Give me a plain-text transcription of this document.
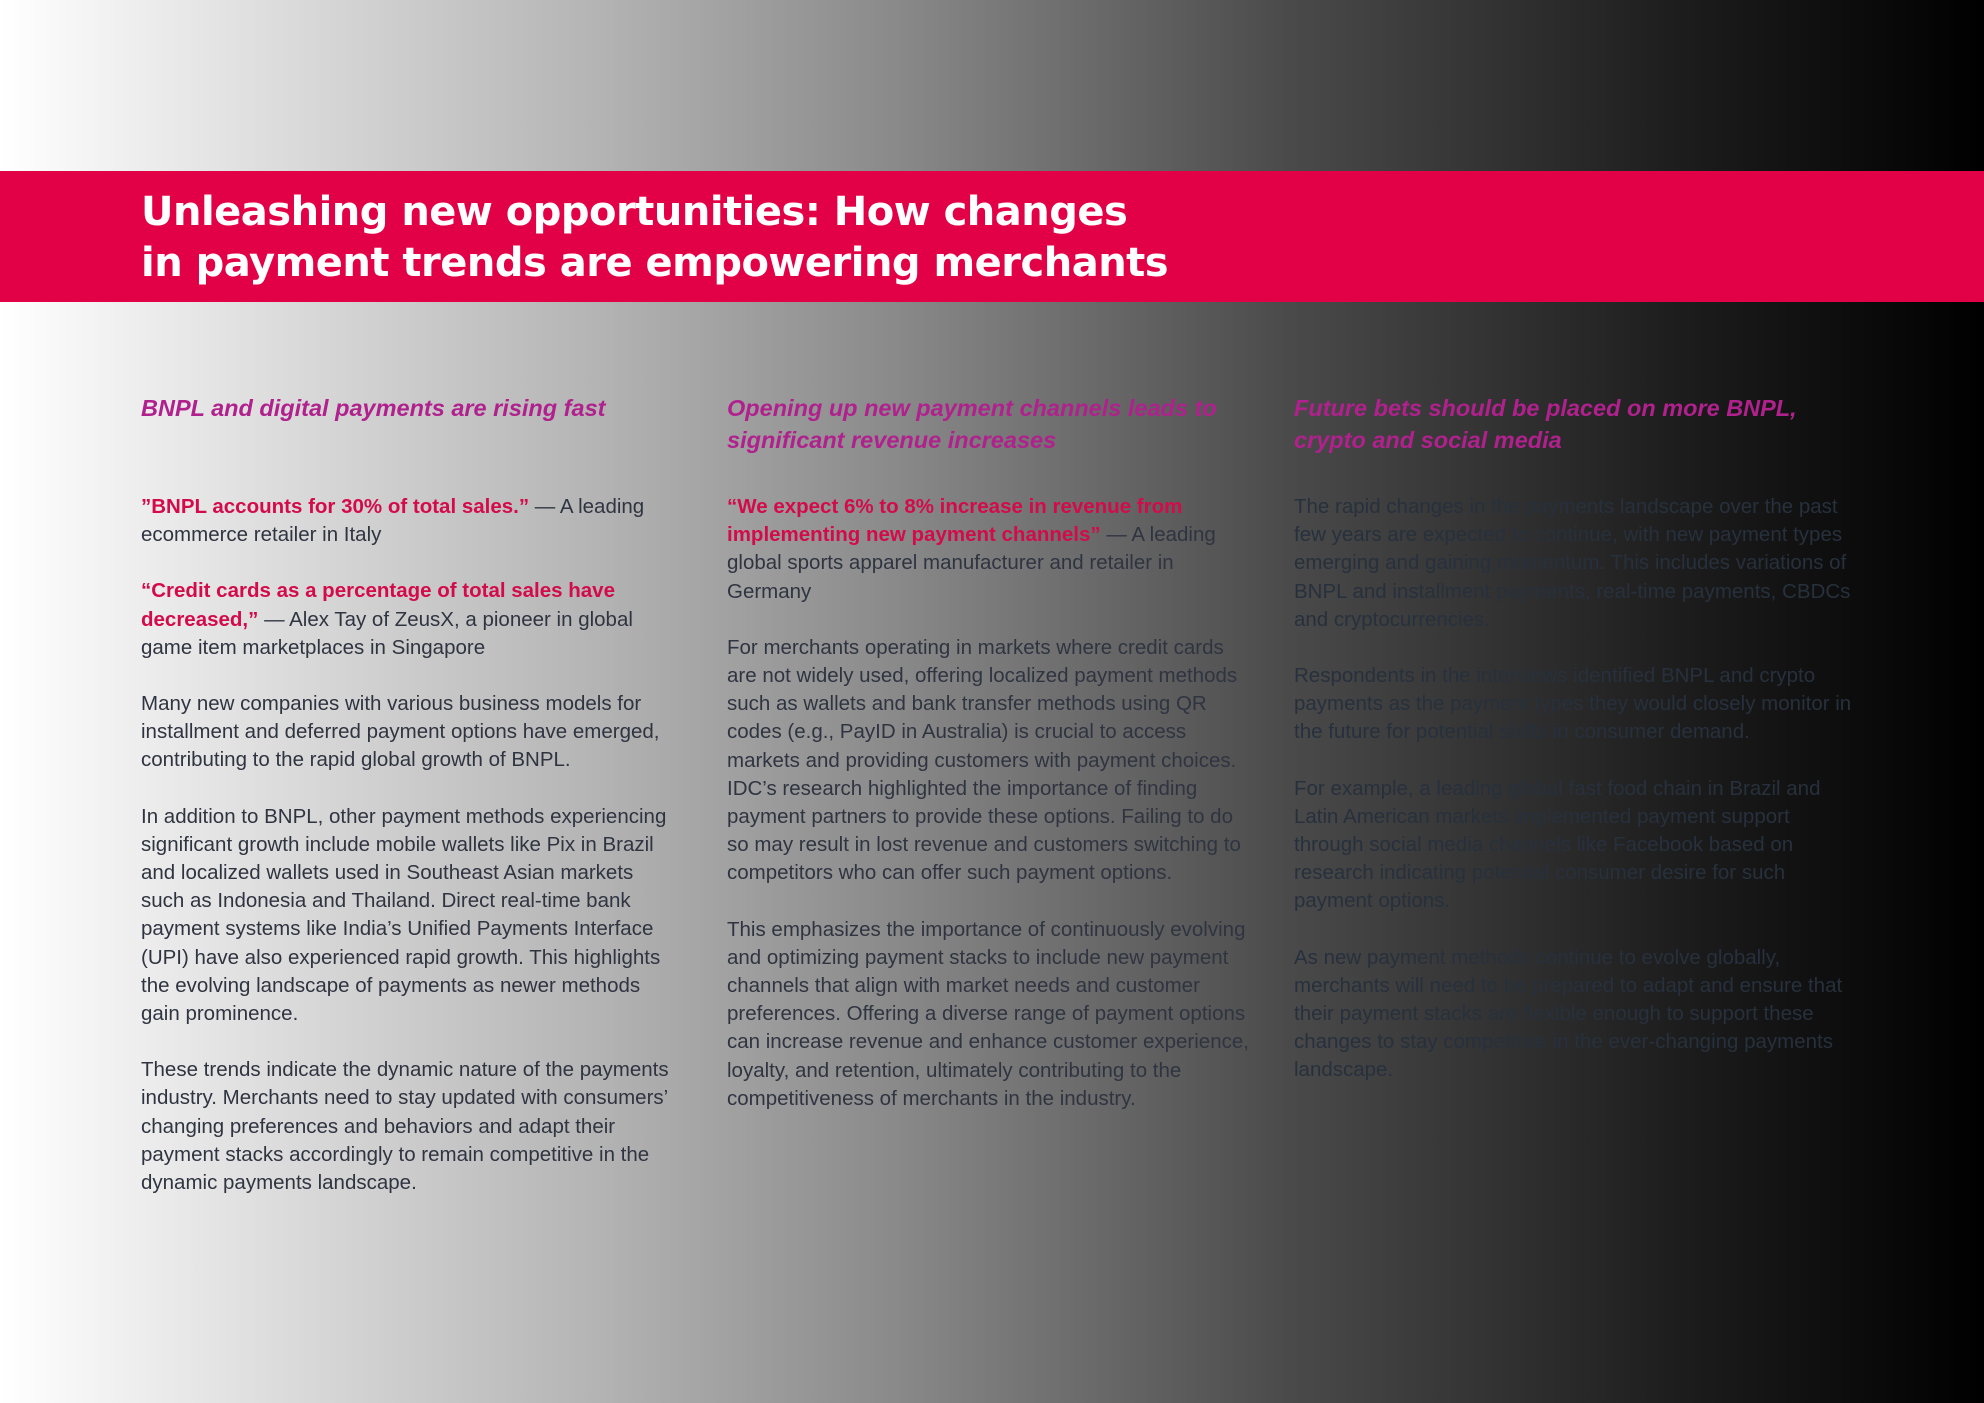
Unleashing new opportunities: How changes
in payment trends are empowering merchants
BNPL and digital payments are rising fast

”BNPL accounts for 30% of total sales.” — A leading ecommerce retailer in Italy

“Credit cards as a percentage of total sales have decreased,” — Alex Tay of ZeusX, a pioneer in global game item marketplaces in Singapore

Many new companies with various business models for installment and deferred payment options have emerged, contributing to the rapid global growth of BNPL.

In addition to BNPL, other payment methods experiencing significant growth include mobile wallets like Pix in Brazil and localized wallets used in Southeast Asian markets such as Indonesia and Thailand. Direct real-time bank payment systems like India’s Unified Payments Interface (UPI) have also experienced rapid growth. This highlights the evolving landscape of payments as newer methods gain prominence.

These trends indicate the dynamic nature of the payments industry. Merchants need to stay updated with consumers’ changing preferences and behaviors and adapt their payment stacks accordingly to remain competitive in the dynamic payments landscape.

Opening up new payment channels leads to significant revenue increases

“We expect 6% to 8% increase in revenue from implementing new payment channels” — A leading global sports apparel manufacturer and retailer in Germany

For merchants operating in markets where credit cards are not widely used, offering localized payment methods such as wallets and bank transfer methods using QR codes (e.g., PayID in Australia) is crucial to access markets and providing customers with payment choices. IDC’s research highlighted the importance of finding payment partners to provide these options. Failing to do so may result in lost revenue and customers switching to competitors who can offer such payment options.

This emphasizes the importance of continuously evolving and optimizing payment stacks to include new payment channels that align with market needs and customer preferences. Offering a diverse range of payment options can increase revenue and enhance customer experience, loyalty, and retention, ultimately contributing to the competitiveness of merchants in the industry.

Future bets should be placed on more BNPL, crypto and social media

The rapid changes in the payments landscape over the past few years are expected to continue, with new payment types emerging and gaining momentum. This includes variations of BNPL and installment payments, real-time payments, CBDCs and cryptocurrencies.

Respondents in the interviews identified BNPL and crypto payments as the payment types they would closely monitor in the future for potential shifts in consumer demand.

For example, a leading global fast food chain in Brazil and Latin American markets implemented payment support through social media channels like Facebook based on research indicating potential consumer desire for such payment options.

As new payment methods continue to evolve globally, merchants will need to be prepared to adapt and ensure that their payment stacks are flexible enough to support these changes to stay competitive in the ever-changing payments landscape.
